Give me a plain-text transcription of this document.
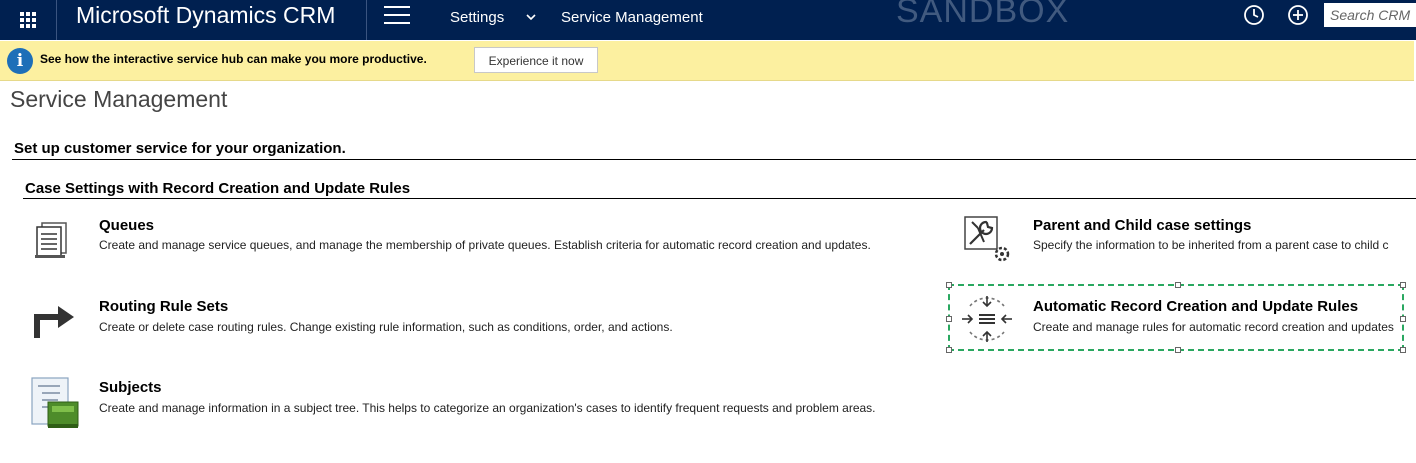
Microsoft Dynamics CRM	Settings	Service Management	SANDBOX	Search CRM
i	See how the interactive service hub can make you more productive.	Experience it now
Service Management
Set up customer service for your organization.
Case Settings with Record Creation and Update Rules
Queues
Create and manage service queues, and manage the membership of private queues. Establish criteria for automatic record creation and updates.
Routing Rule Sets
Create or delete case routing rules. Change existing rule information, such as conditions, order, and actions.
Subjects
Create and manage information in a subject tree. This helps to categorize an organization's cases to identify frequent requests and problem areas.
Parent and Child case settings
Specify the information to be inherited from a parent case to child c
Automatic Record Creation and Update Rules
Create and manage rules for automatic record creation and updates
